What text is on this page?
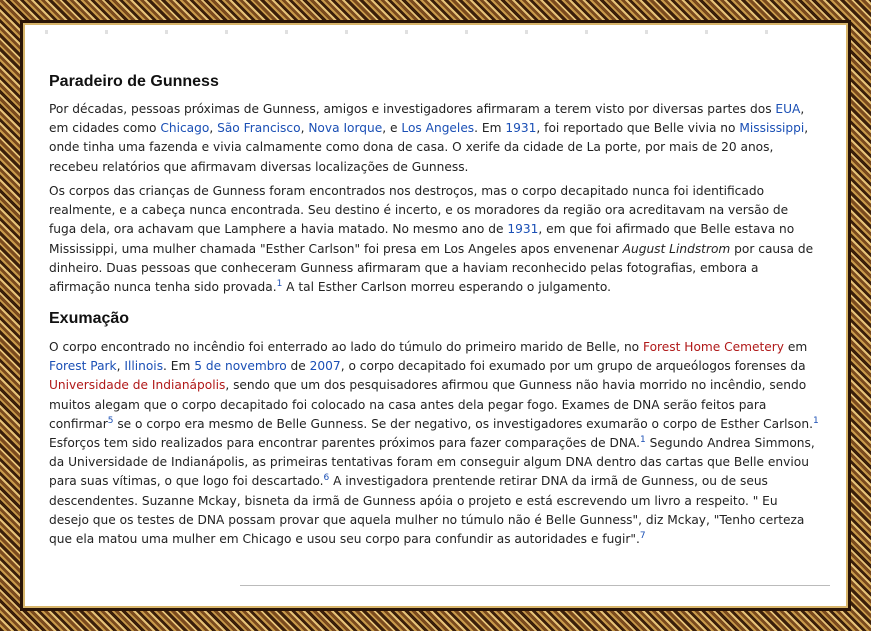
Paradeiro de Gunness

Por décadas, pessoas próximas de Gunness, amigos e investigadores afirmaram a terem visto por diversas partes dos EUA, em cidades como Chicago, São Francisco, Nova Iorque, e Los Angeles. Em 1931, foi reportado que Belle vivia no Mississippi, onde tinha uma fazenda e vivia calmamente como dona de casa. O xerife da cidade de La porte, por mais de 20 anos, recebeu relatórios que afirmavam diversas localizações de Gunness.

Os corpos das crianças de Gunness foram encontrados nos destroços, mas o corpo decapitado nunca foi identificado realmente, e a cabeça nunca encontrada. Seu destino é incerto, e os moradores da região ora acreditavam na versão de fuga dela, ora achavam que Lamphere a havia matado. No mesmo ano de 1931, em que foi afirmado que Belle estava no Mississippi, uma mulher chamada "Esther Carlson" foi presa em Los Angeles apos envenenar August Lindstrom por causa de dinheiro. Duas pessoas que conheceram Gunness afirmaram que a haviam reconhecido pelas fotografias, embora a afirmação nunca tenha sido provada.$^1$ A tal Esther Carlson morreu esperando o julgamento.

Exumação

O corpo encontrado no incêndio foi enterrado ao lado do túmulo do primeiro marido de Belle, no Forest Home Cemetery em Forest Park, Illinois. Em 5 de novembro de 2007, o corpo decapitado foi exumado por um grupo de arqueólogos forenses da Universidade de Indianápolis, sendo que um dos pesquisadores afirmou que Gunness não havia morrido no incêndio, sendo muitos alegam que o corpo decapitado foi colocado na casa antes dela pegar fogo. Exames de DNA serão feitos para confirmar$^5$ se o corpo era mesmo de Belle Gunness. Se der negativo, os investigadores exumarão o corpo de Esther Carlson.$^1$ Esforços tem sido realizados para encontrar parentes próximos para fazer comparações de DNA.$^1$ Segundo Andrea Simmons, da Universidade de Indianápolis, as primeiras tentativas foram em conseguir algum DNA dentro das cartas que Belle enviou para suas vítimas, o que logo foi descartado.$^6$ A investigadora prentende retirar DNA da irmã de Gunness, ou de seus descendentes. Suzanne Mckay, bisneta da irmã de Gunness apóia o projeto e está escrevendo um livro a respeito. " Eu desejo que os testes de DNA possam provar que aquela mulher no túmulo não é Belle Gunness", diz Mckay, "Tenho certeza que ela matou uma mulher em Chicago e usou seu corpo para confundir as autoridades e fugir".$^7$
